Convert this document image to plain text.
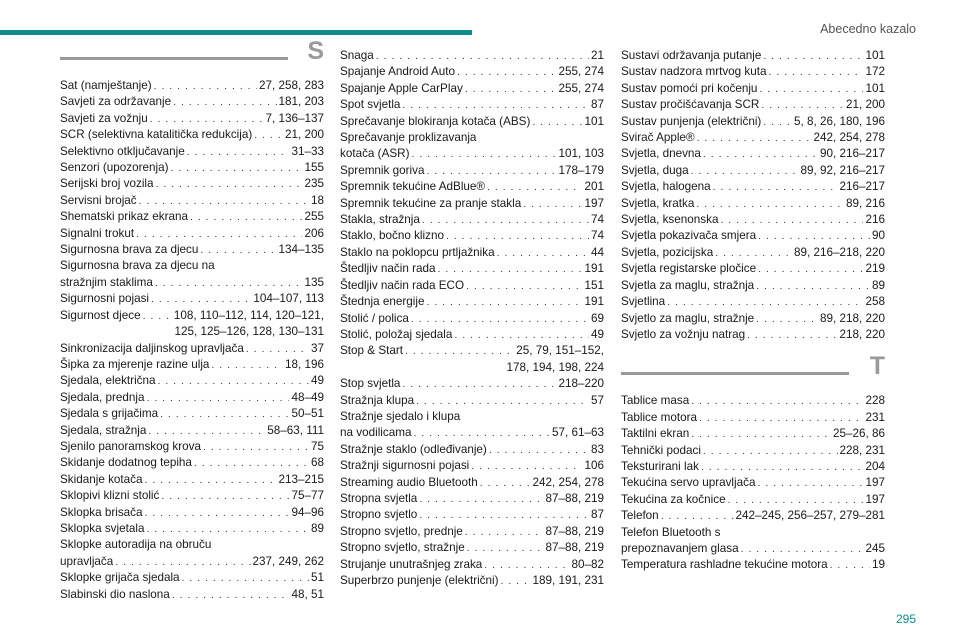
Abecedno kazalo
S
Sat (namještanje) . . .	27, 258, 283
Savjeti za održavanje . . .	181, 203
Savjeti za vožnju . . .	7, 136–137
SCR (selektivna katalitička redukcija) . . .	21, 200
Selektivno otključavanje . . .	31–33
Senzori (upozorenja) . . .	155
Serijski broj vozila . . .	235
Servisni brojač . . .	18
Shematski prikaz ekrana . . .	255
Signalni trokut . . .	206
Sigurnosna brava za djecu . . .	134–135
Sigurnosna brava za djecu na
stražnjim staklima . . .	135
Sigurnosni pojasi . . .	104–107, 113
Sigurnost djece . . .	108, 110–112, 114, 120–121,
125, 125–126, 128, 130–131
Sinkronizacija daljinskog upravljača . . .	37
Šipka za mjerenje razine ulja . . .	18, 196
Sjedala, električna . . .	49
Sjedala, prednja . . .	48–49
Sjedala s grijačima . . .	50–51
Sjedala, stražnja . . .	58–63, 111
Sjenilo panoramskog krova . . .	75
Skidanje dodatnog tepiha . . .	68
Skidanje kotača . . .	213–215
Sklopivi klizni stolić . . .	75–77
Sklopka brisača . . .	94–96
Sklopka svjetala . . .	89
Sklopke autoradija na obruču
upravljača . . .	237, 249, 262
Sklopke grijača sjedala . . .	51
Slabinski dio naslona . . .	48, 51
Snaga . . .	21
Spajanje Android Auto . . .	255, 274
Spajanje Apple CarPlay . . .	255, 274
Spot svjetla . . .	87
Sprečavanje blokiranja kotača (ABS) . . .	101
Sprečavanje proklizavanja
kotača (ASR) . . .	101, 103
Spremnik goriva . . .	178–179
Spremnik tekućine AdBlue® . . .	201
Spremnik tekućine za pranje stakla . . .	197
Stakla, stražnja . . .	74
Staklo, bočno klizno . . .	74
Staklo na poklopcu prtljažnika . . .	44
Štedljiv način rada . . .	191
Štedljiv način rada ECO . . .	151
Štednja energije . . .	191
Stolić / polica . . .	69
Stolić, položaj sjedala . . .	49
Stop & Start . . .	25, 79, 151–152,
178, 194, 198, 224
Stop svjetla . . .	218–220
Stražnja klupa . . .	57
Stražnje sjedalo i klupa
na vodilicama . . .	57, 61–63
Stražnje staklo (odleđivanje) . . .	83
Stražnji sigurnosni pojasi . . .	106
Streaming audio Bluetooth . . .	242, 254, 278
Stropna svjetla . . .	87–88, 219
Stropno svjetlo . . .	87
Stropno svjetlo, prednje . . .	87–88, 219
Stropno svjetlo, stražnje . . .	87–88, 219
Strujanje unutrašnjeg zraka . . .	80–82
Superbrzo punjenje (električni) . . .	189, 191, 231
Sustavi održavanja putanje . . .	101
Sustav nadzora mrtvog kuta . . .	172
Sustav pomoći pri kočenju . . .	101
Sustav pročišćavanja SCR . . .	21, 200
Sustav punjenja (električni) . . .	5, 8, 26, 180, 196
Svirač Apple® . . .	242, 254, 278
Svjetla, dnevna . . .	90, 216–217
Svjetla, duga . . .	89, 92, 216–217
Svjetla, halogena . . .	216–217
Svjetla, kratka . . .	89, 216
Svjetla, ksenonska . . .	216
Svjetla pokazivača smjera . . .	90
Svjetla, pozicijska . . .	89, 216–218, 220
Svjetla registarske pločice . . .	219
Svjetla za maglu, stražnja . . .	89
Svjetlina . . .	258
Svjetlo za maglu, stražnje . . .	89, 218, 220
Svjetlo za vožnju natrag . . .	218, 220
T
Tablice masa . . .	228
Tablice motora . . .	231
Taktilni ekran . . .	25–26, 86
Tehnički podaci . . .	228, 231
Teksturirani lak . . .	204
Tekućina servo upravljača . . .	197
Tekućina za kočnice . . .	197
Telefon . . .	242–245, 256–257, 279–281
Telefon Bluetooth s
prepoznavanjem glasa . . .	245
Temperatura rashladne tekućine motora . . .	19
295
